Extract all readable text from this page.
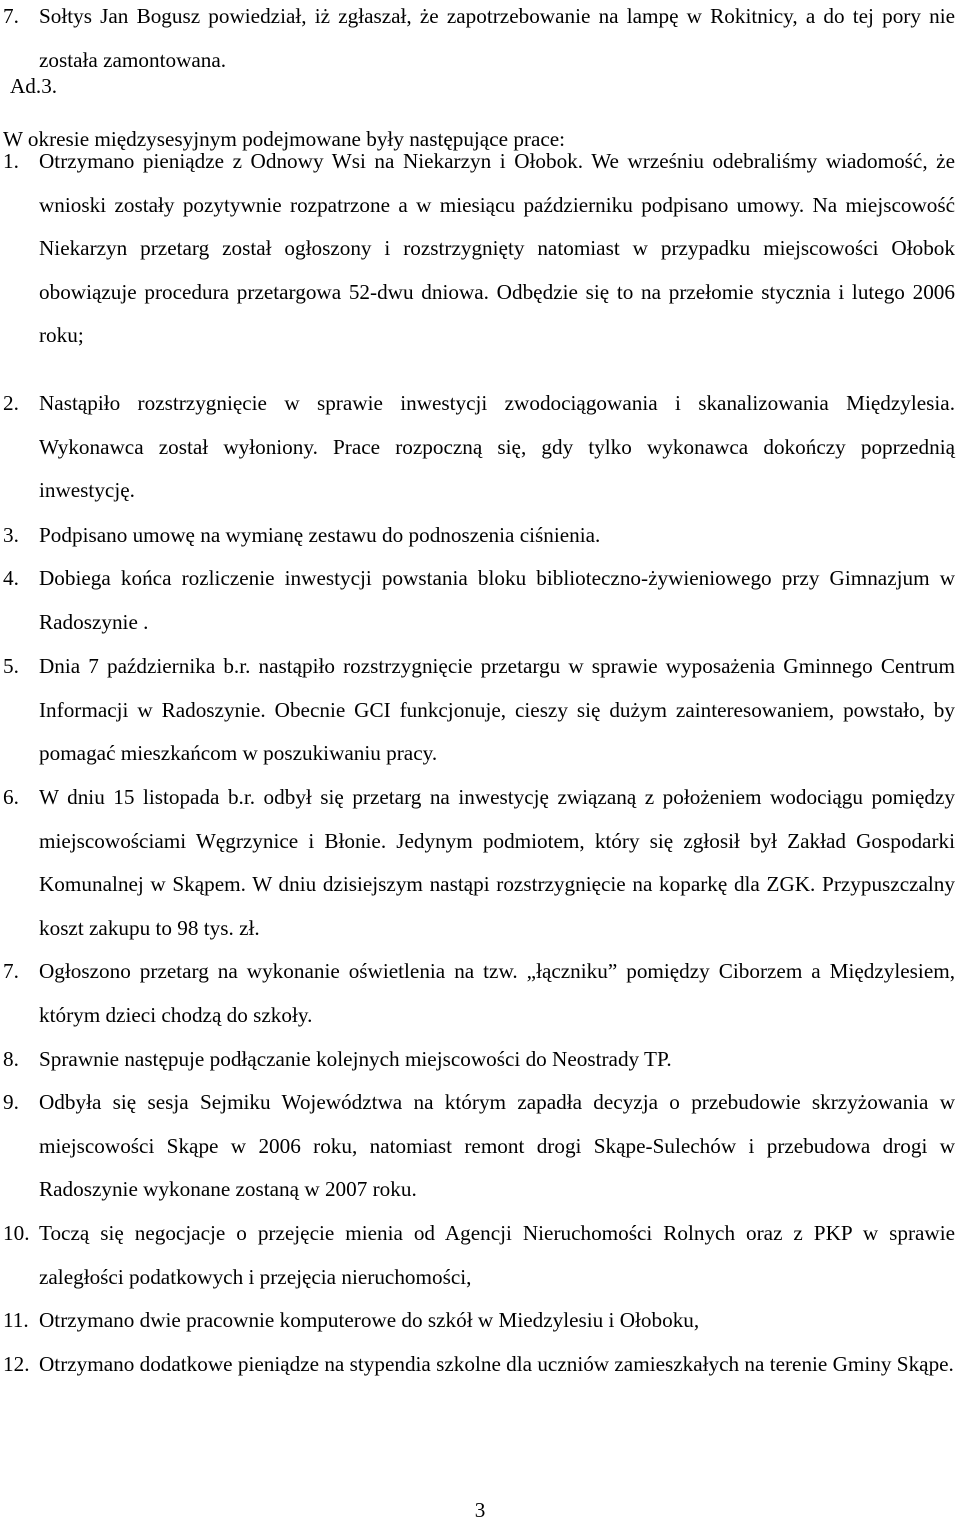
7. Sołtys Jan Bogusz powiedział, iż zgłaszał, że zapotrzebowanie na lampę w Rokitnicy, a do tej pory nie została zamontowana.
Ad.3.
W okresie międzysesyjnym podejmowane były następujące prace:
1. Otrzymano pieniądze z Odnowy Wsi na Niekarzyn i Ołobok. We wrześniu odebraliśmy wiadomość, że wnioski zostały pozytywnie rozpatrzone a w miesiącu październiku podpisano umowy. Na miejscowość Niekarzyn przetarg został ogłoszony i rozstrzygnięty natomiast w przypadku miejscowości Ołobok obowiązuje procedura przetargowa 52-dwu dniowa. Odbędzie się to na przełomie stycznia i lutego 2006 roku;
2. Nastąpiło rozstrzygnięcie w sprawie inwestycji zwodociągowania i skanalizowania Międzylesia. Wykonawca został wyłoniony. Prace rozpoczną się, gdy tylko wykonawca dokończy poprzednią inwestycję.
3. Podpisano umowę na wymianę zestawu do podnoszenia ciśnienia.
4. Dobiega końca rozliczenie inwestycji powstania bloku biblioteczno-żywieniowego przy Gimnazjum w Radoszynie .
5. Dnia 7 października b.r. nastąpiło rozstrzygnięcie przetargu w sprawie wyposażenia Gminnego Centrum Informacji w Radoszynie. Obecnie GCI funkcjonuje, cieszy się dużym zainteresowaniem, powstało, by pomagać mieszkańcom w poszukiwaniu pracy.
6. W dniu 15 listopada b.r. odbył się przetarg na inwestycję związaną z położeniem wodociągu pomiędzy miejscowościami Węgrzynice i Błonie. Jedynym podmiotem, który się zgłosił był Zakład Gospodarki Komunalnej w Skąpem. W dniu dzisiejszym nastąpi rozstrzygnięcie na koparkę dla ZGK. Przypuszczalny koszt zakupu to 98 tys. zł.
7. Ogłoszono przetarg na wykonanie oświetlenia na tzw. „łączniku” pomiędzy Ciborzem a Międzylesiem, którym dzieci chodzą do szkoły.
8. Sprawnie następuje podłączanie kolejnych miejscowości do Neostrady TP.
9. Odbyła się sesja Sejmiku Województwa na którym zapadła decyzja o przebudowie skrzyżowania w miejscowości Skąpe w 2006 roku, natomiast remont drogi Skąpe-Sulechów i przebudowa drogi w Radoszynie wykonane zostaną w 2007 roku.
10. Toczą się negocjacje o przejęcie mienia od Agencji Nieruchomości Rolnych oraz z PKP w sprawie zaległości podatkowych i przejęcia nieruchomości,
11. Otrzymano dwie pracownie komputerowe do szkół w Miedzylesiu i Ołoboku,
12. Otrzymano dodatkowe pieniądze na stypendia szkolne dla uczniów zamieszkałych na terenie Gminy Skąpe.
3
